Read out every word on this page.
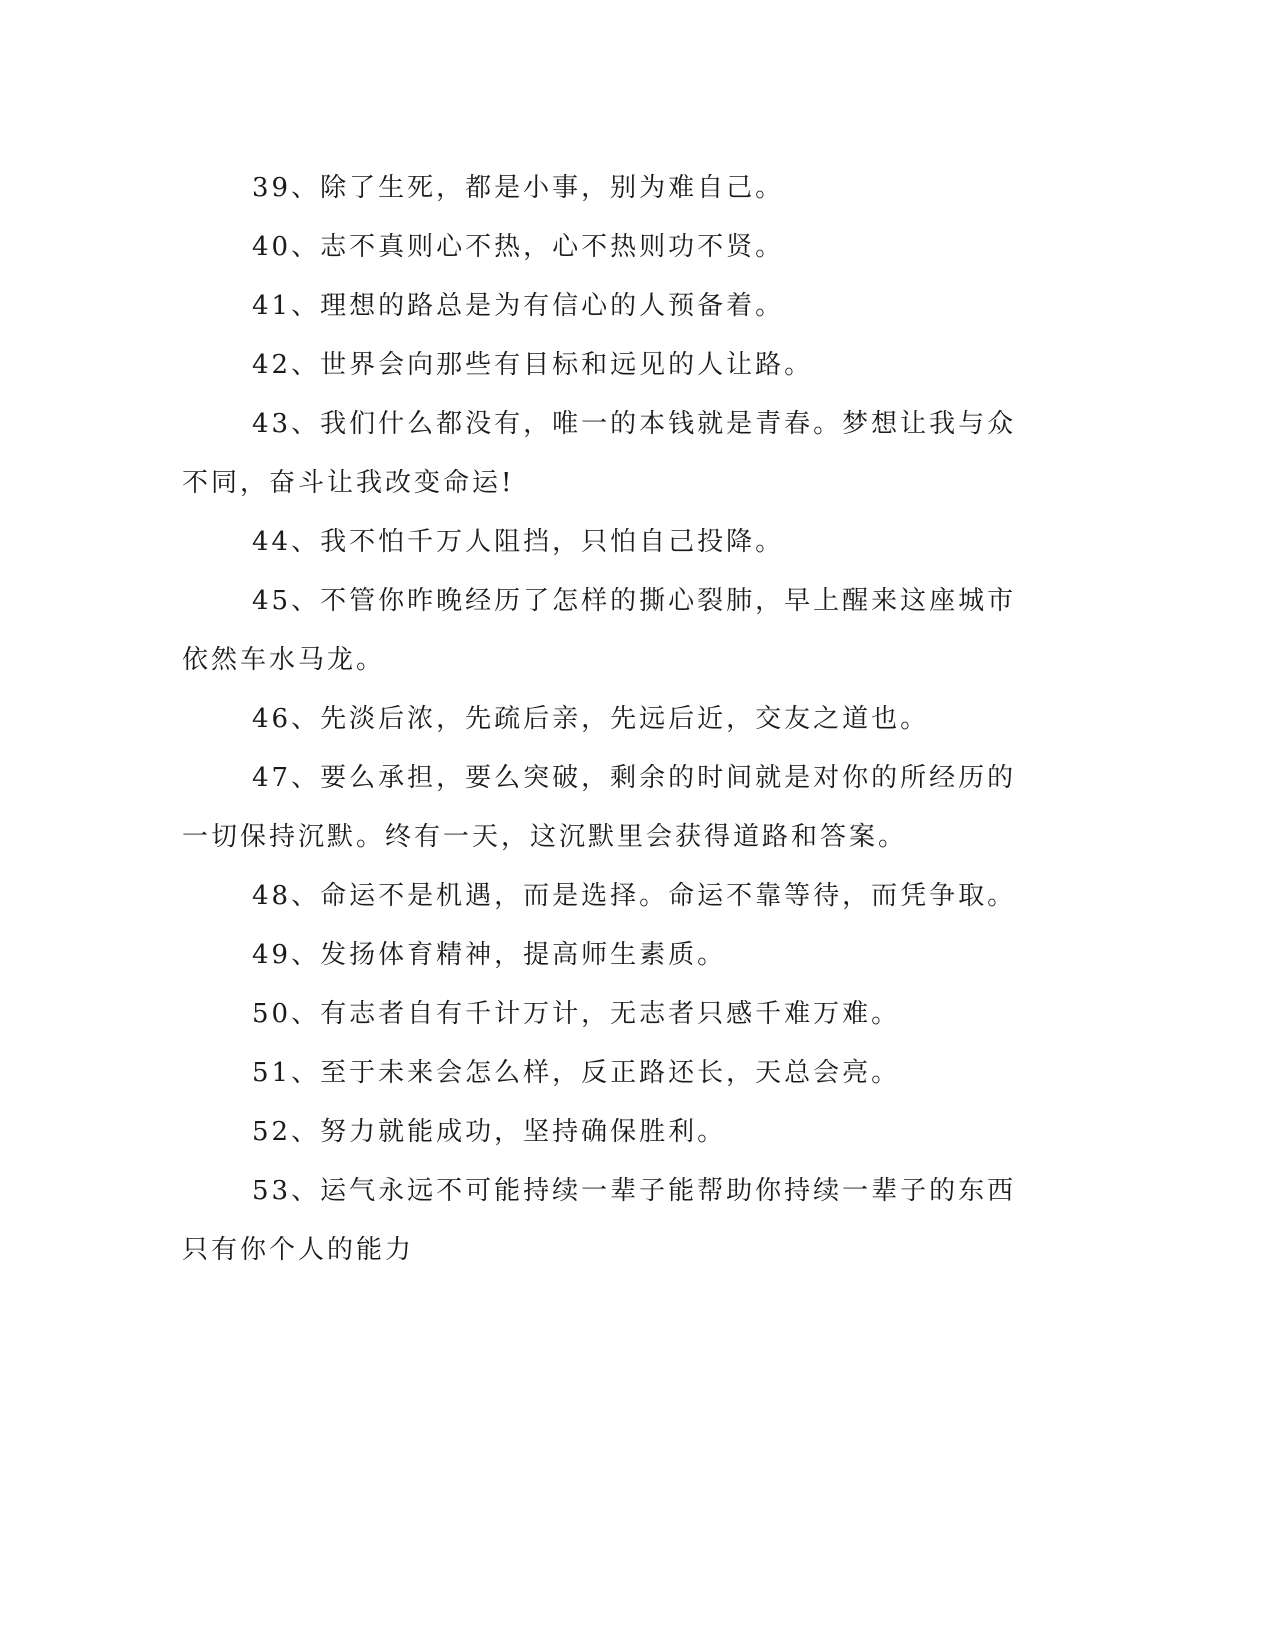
39、除了生死，都是小事，别为难自己。

40、志不真则心不热，心不热则功不贤。

41、理想的路总是为有信心的人预备着。

42、世界会向那些有目标和远见的人让路。

43、我们什么都没有，唯一的本钱就是青春。梦想让我与众不同，奋斗让我改变命运!

44、我不怕千万人阻挡，只怕自己投降。

45、不管你昨晚经历了怎样的撕心裂肺，早上醒来这座城市依然车水马龙。

46、先淡后浓，先疏后亲，先远后近，交友之道也。

47、要么承担，要么突破，剩余的时间就是对你的所经历的一切保持沉默。终有一天，这沉默里会获得道路和答案。

48、命运不是机遇，而是选择。命运不靠等待，而凭争取。

49、发扬体育精神，提高师生素质。

50、有志者自有千计万计，无志者只感千难万难。

51、至于未来会怎么样，反正路还长，天总会亮。

52、努力就能成功，坚持确保胜利。

53、运气永远不可能持续一辈子能帮助你持续一辈子的东西只有你个人的能力
